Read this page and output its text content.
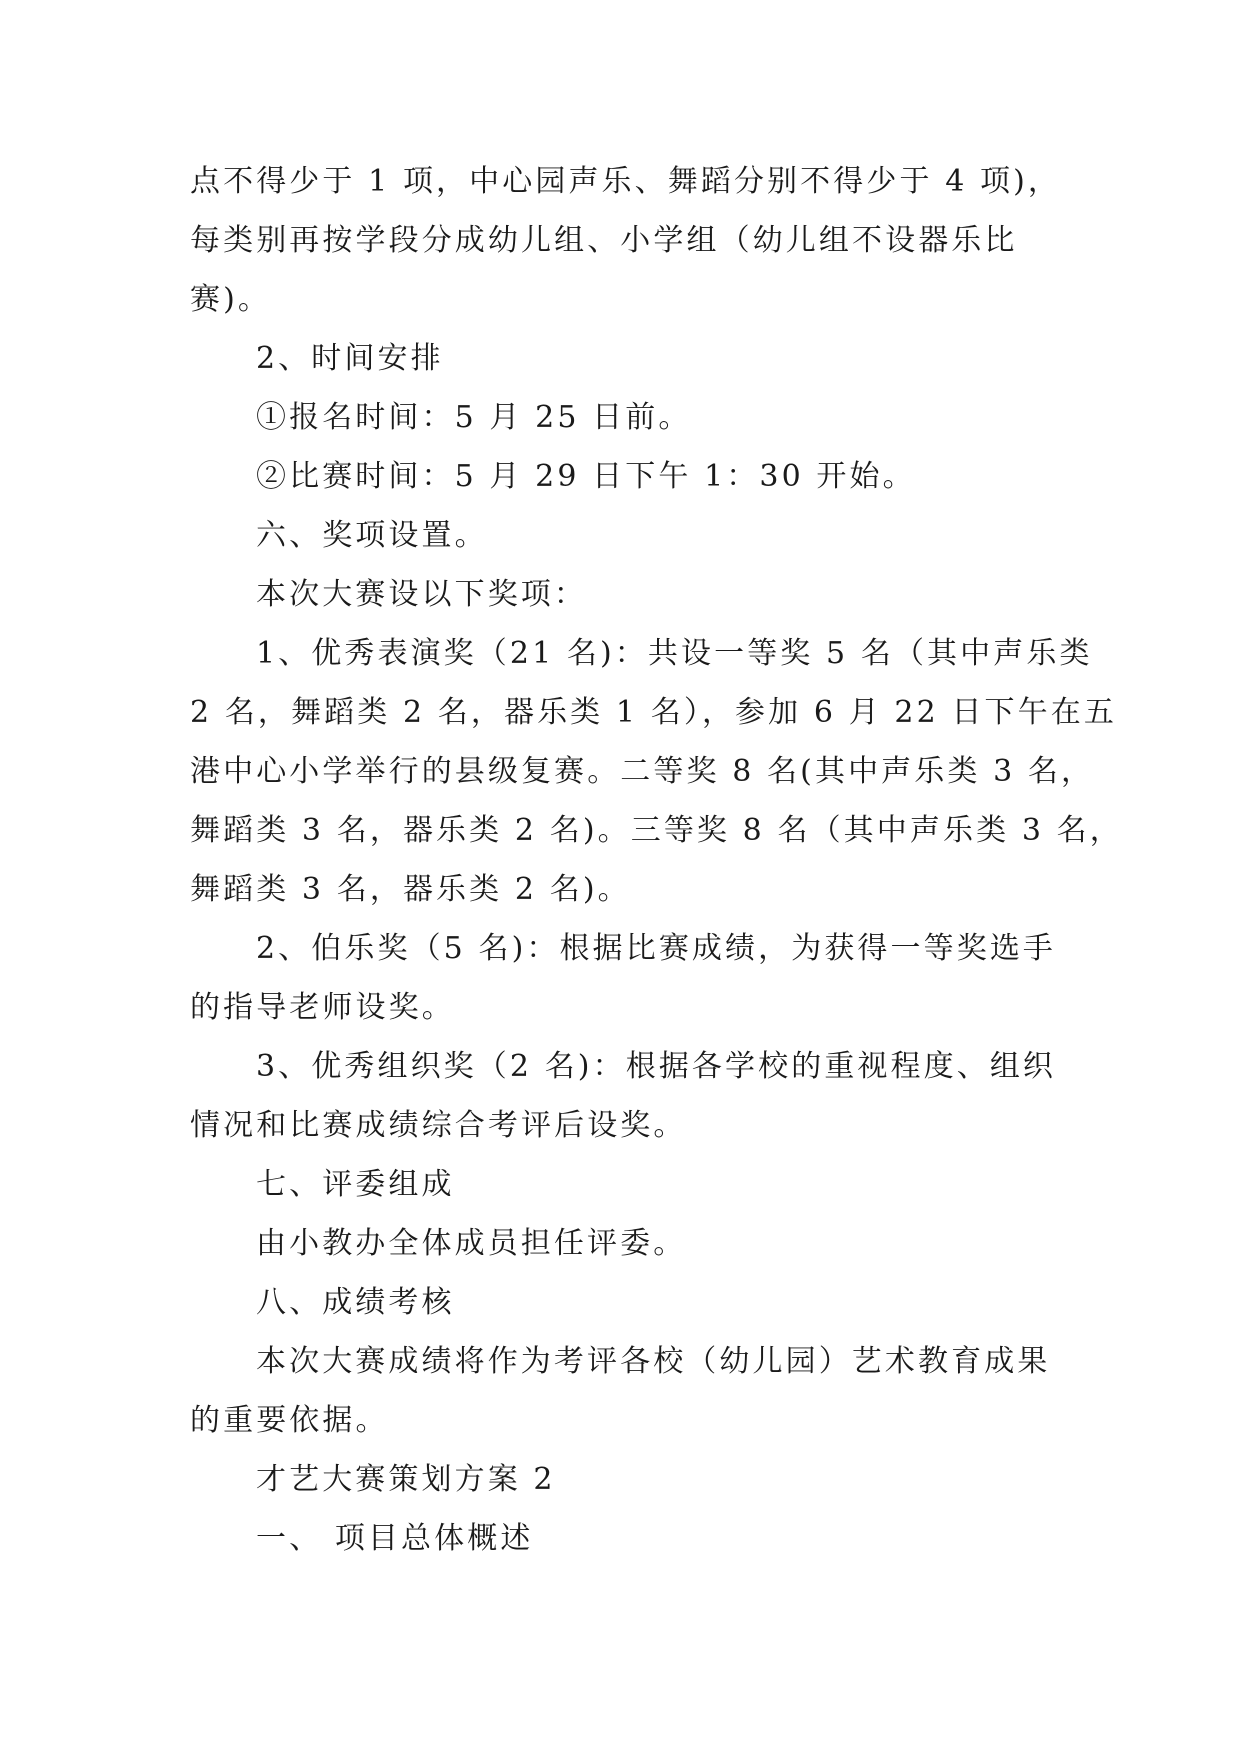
点不得少于 1 项，中心园声乐、舞蹈分别不得少于 4 项)，
每类别再按学段分成幼儿组、小学组（幼儿组不设器乐比
赛)。
2、时间安排
①报名时间：5 月 25 日前。
②比赛时间：5 月 29 日下午 1：30 开始。
六、奖项设置。
本次大赛设以下奖项：
1、优秀表演奖（21 名)：共设一等奖 5 名（其中声乐类
2 名，舞蹈类 2 名，器乐类 1 名），参加 6 月 22 日下午在五
港中心小学举行的县级复赛。二等奖 8 名(其中声乐类 3 名，
舞蹈类 3 名，器乐类 2 名)。三等奖 8 名（其中声乐类 3 名，
舞蹈类 3 名，器乐类 2 名)。
2、伯乐奖（5 名)：根据比赛成绩，为获得一等奖选手
的指导老师设奖。
3、优秀组织奖（2 名)：根据各学校的重视程度、组织
情况和比赛成绩综合考评后设奖。
七、评委组成
由小教办全体成员担任评委。
八、成绩考核
本次大赛成绩将作为考评各校（幼儿园）艺术教育成果
的重要依据。
才艺大赛策划方案 2
一、 项目总体概述
